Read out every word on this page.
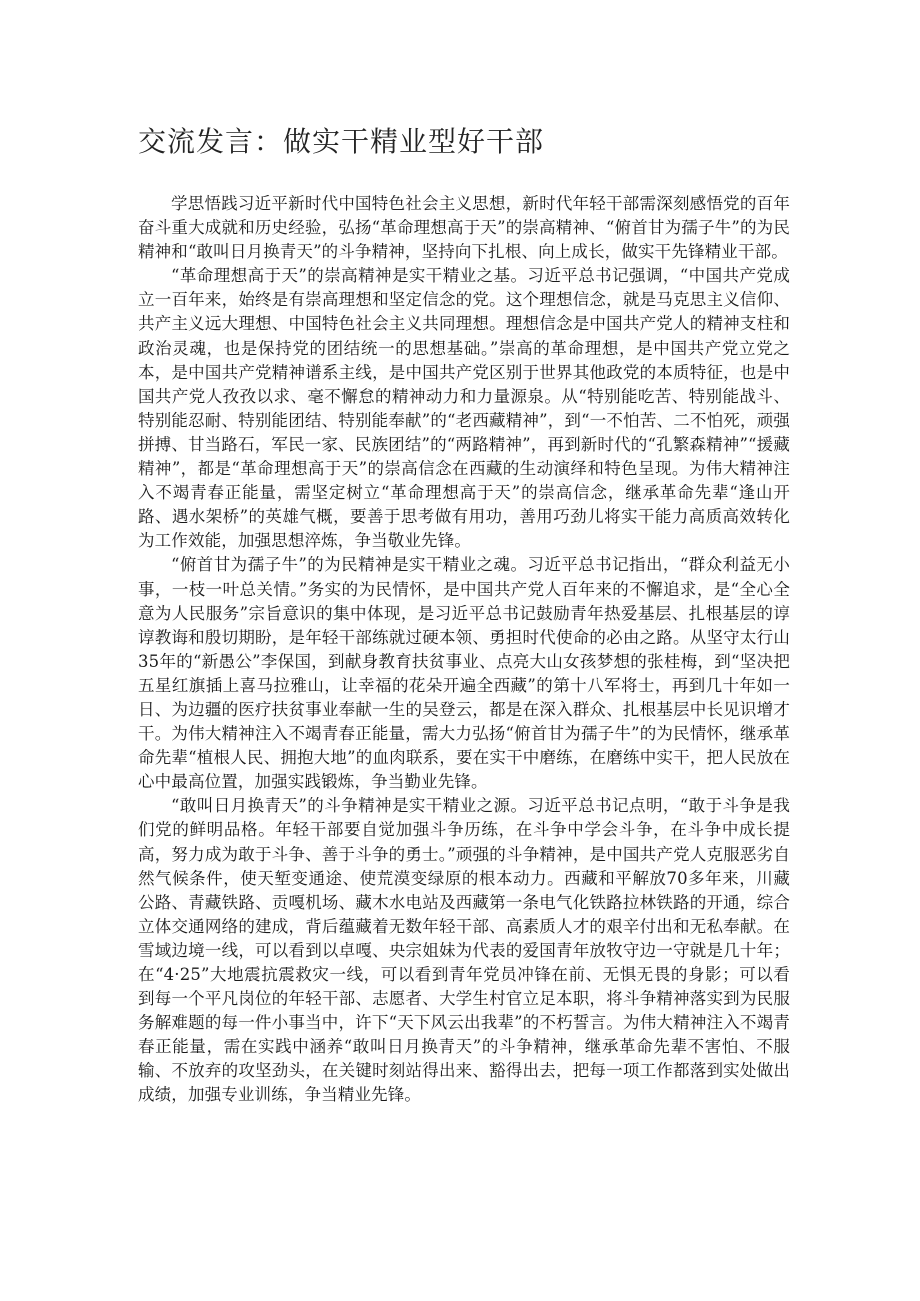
交流发言：做实干精业型好干部

学思悟践习近平新时代中国特色社会主义思想，新时代年轻干部需深刻感悟党的百年奋斗重大成就和历史经验，弘扬“革命理想高于天”的崇高精神、“俯首甘为孺子牛”的为民精神和“敢叫日月换青天”的斗争精神，坚持向下扎根、向上成长，做实干先锋精业干部。

“革命理想高于天”的崇高精神是实干精业之基。习近平总书记强调，“中国共产党成立一百年来，始终是有崇高理想和坚定信念的党。这个理想信念，就是马克思主义信仰、共产主义远大理想、中国特色社会主义共同理想。理想信念是中国共产党人的精神支柱和政治灵魂，也是保持党的团结统一的思想基础。”崇高的革命理想，是中国共产党立党之本，是中国共产党精神谱系主线，是中国共产党区别于世界其他政党的本质特征，也是中国共产党人孜孜以求、毫不懈怠的精神动力和力量源泉。从“特别能吃苦、特别能战斗、特别能忍耐、特别能团结、特别能奉献”的“老西藏精神”，到“一不怕苦、二不怕死，顽强拼搏、甘当路石，军民一家、民族团结”的“两路精神”，再到新时代的“孔繁森精神”“援藏精神”，都是“革命理想高于天”的崇高信念在西藏的生动演绎和特色呈现。为伟大精神注入不竭青春正能量，需坚定树立“革命理想高于天”的崇高信念，继承革命先辈“逢山开路、遇水架桥”的英雄气概，要善于思考做有用功，善用巧劲儿将实干能力高质高效转化为工作效能，加强思想淬炼，争当敬业先锋。

“俯首甘为孺子牛”的为民精神是实干精业之魂。习近平总书记指出，“群众利益无小事，一枝一叶总关情。”务实的为民情怀，是中国共产党人百年来的不懈追求，是“全心全意为人民服务”宗旨意识的集中体现，是习近平总书记鼓励青年热爱基层、扎根基层的谆谆教诲和殷切期盼，是年轻干部练就过硬本领、勇担时代使命的必由之路。从坚守太行山35年的“新愚公”李保国，到献身教育扶贫事业、点亮大山女孩梦想的张桂梅，到“坚决把五星红旗插上喜马拉雅山，让幸福的花朵开遍全西藏”的第十八军将士，再到几十年如一日、为边疆的医疗扶贫事业奉献一生的吴登云，都是在深入群众、扎根基层中长见识增才干。为伟大精神注入不竭青春正能量，需大力弘扬“俯首甘为孺子牛”的为民情怀，继承革命先辈“植根人民、拥抱大地”的血肉联系，要在实干中磨练，在磨练中实干，把人民放在心中最高位置，加强实践锻炼，争当勤业先锋。

“敢叫日月换青天”的斗争精神是实干精业之源。习近平总书记点明，“敢于斗争是我们党的鲜明品格。年轻干部要自觉加强斗争历练，在斗争中学会斗争，在斗争中成长提高，努力成为敢于斗争、善于斗争的勇士。”顽强的斗争精神，是中国共产党人克服恶劣自然气候条件，使天堑变通途、使荒漠变绿原的根本动力。西藏和平解放70多年来，川藏公路、青藏铁路、贡嘎机场、藏木水电站及西藏第一条电气化铁路拉林铁路的开通，综合立体交通网络的建成，背后蕴藏着无数年轻干部、高素质人才的艰辛付出和无私奉献。在雪域边境一线，可以看到以卓嘎、央宗姐妹为代表的爱国青年放牧守边一守就是几十年；在“4·25”大地震抗震救灾一线，可以看到青年党员冲锋在前、无惧无畏的身影；可以看到每一个平凡岗位的年轻干部、志愿者、大学生村官立足本职，将斗争精神落实到为民服务解难题的每一件小事当中，许下“天下风云出我辈”的不朽誓言。为伟大精神注入不竭青春正能量，需在实践中涵养“敢叫日月换青天”的斗争精神，继承革命先辈不害怕、不服输、不放弃的攻坚劲头，在关键时刻站得出来、豁得出去，把每一项工作都落到实处做出成绩，加强专业训练，争当精业先锋。
